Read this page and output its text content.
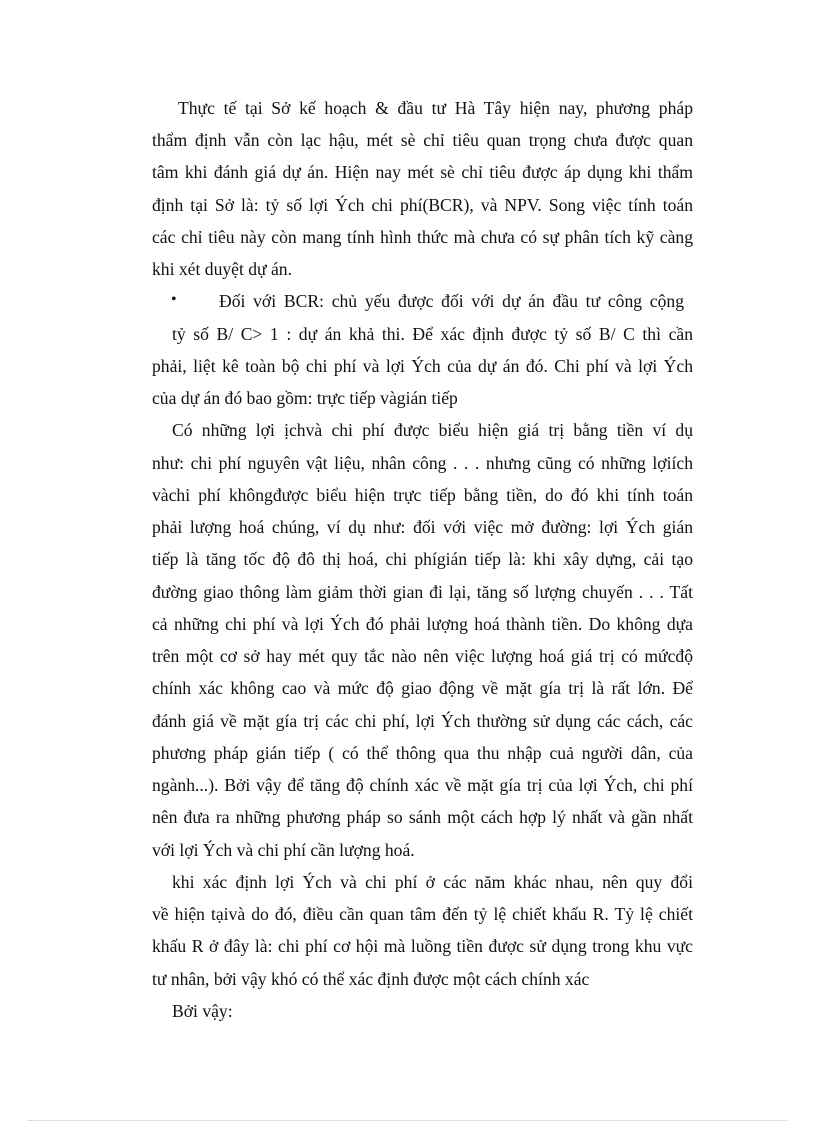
Thực tế tại Sở kế hoạch & đầu tư Hà Tây hiện nay, phương pháp
thẩm định vẫn còn lạc hậu, mét sè chỉ tiêu quan trọng chưa được quan
tâm khi đánh giá dự án. Hiện nay mét sè chỉ tiêu được áp dụng khi thẩm
định tại Sở là: tỷ số lợi Ých chi phí(BCR), và NPV. Song việc tính toán
các chỉ tiêu này còn mang tính hình thức mà chưa có sự phân tích kỹ càng
khi xét duyệt dự án.
• Đối với BCR: chủ yếu được đối với dự án đầu tư công cộng
tỷ số B/ C> 1 : dự án khả thi. Để xác định được tỷ số B/ C thì cần
phải, liệt kê toàn bộ chi phí và lợi Ých của dự án đó. Chi phí và lợi Ých
của dự án đó bao gồm: trực tiếp vàgián tiếp
Có những lợi ịchvà chi phí được biểu hiện giá trị bằng tiền ví dụ
như: chi phí nguyên vật liệu, nhân công . . . nhưng cũng có những lợiích
vàchi phí khôngđược biểu hiện trực tiếp bằng tiền, do đó khi tính toán
phải lượng hoá chúng, ví dụ như: đối với việc mở đường: lợi Ých gián
tiếp là tăng tốc độ đô thị hoá, chi phígián tiếp là: khi xây dựng, cải tạo
đường giao thông làm giảm thời gian đi lại, tăng số lượng chuyến . . . Tất
cả những chi phí và lợi Ých đó phải lượng hoá thành tiền. Do không dựa
trên một cơ sở hay mét quy tắc nào nên việc lượng hoá giá trị có mứcđộ
chính xác không cao và mức độ giao động về mặt gía trị là rất lớn. Để
đánh giá về mặt gía trị các chi phí, lợi Ých thường sử dụng các cách, các
phương pháp gián tiếp ( có thể thông qua thu nhập cuả người dân, của
ngành...). Bởi vậy để tăng độ chính xác về mặt gía trị của lợi Ých, chi phí
nên đưa ra những phương pháp so sánh một cách hợp lý nhất và gần nhất
với lợi Ých và chi phí cần lượng hoá.
khi xác định lợi Ých và chi phí ở các năm khác nhau, nên quy đổi
về hiện tạivà do đó, điều cần quan tâm đến tỷ lệ chiết khấu R. Tỷ lệ chiết
khấu R ở đây là: chi phí cơ hội mà luồng tiền được sử dụng trong khu vực
tư nhân, bởi vậy khó có thể xác định được một cách chính xác
Bởi vậy:
